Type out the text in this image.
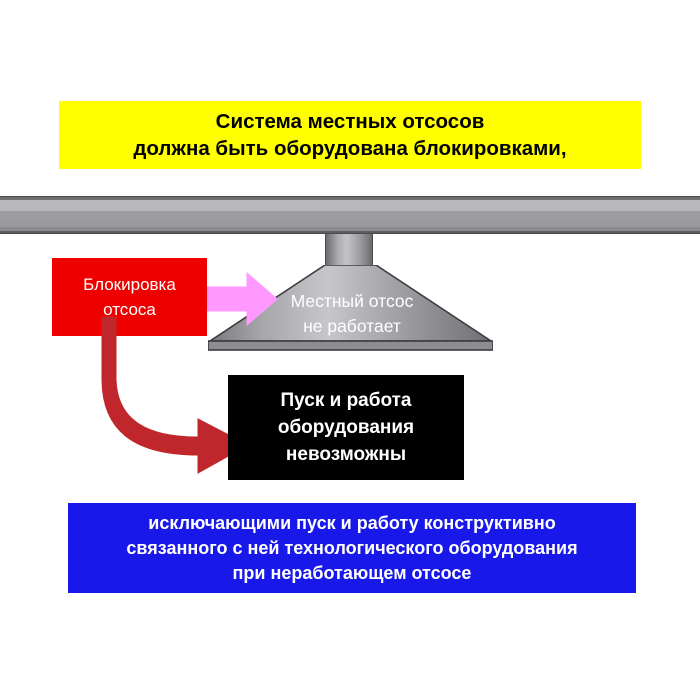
Система местных отсосов
должна быть оборудована блокировками,
Местный отсос
не работает
Блокировка
отсоса
Пуск и работа
оборудования
невозможны
исключающими пуск и работу конструктивно
связанного с ней технологического оборудования
при неработающем отсосе
